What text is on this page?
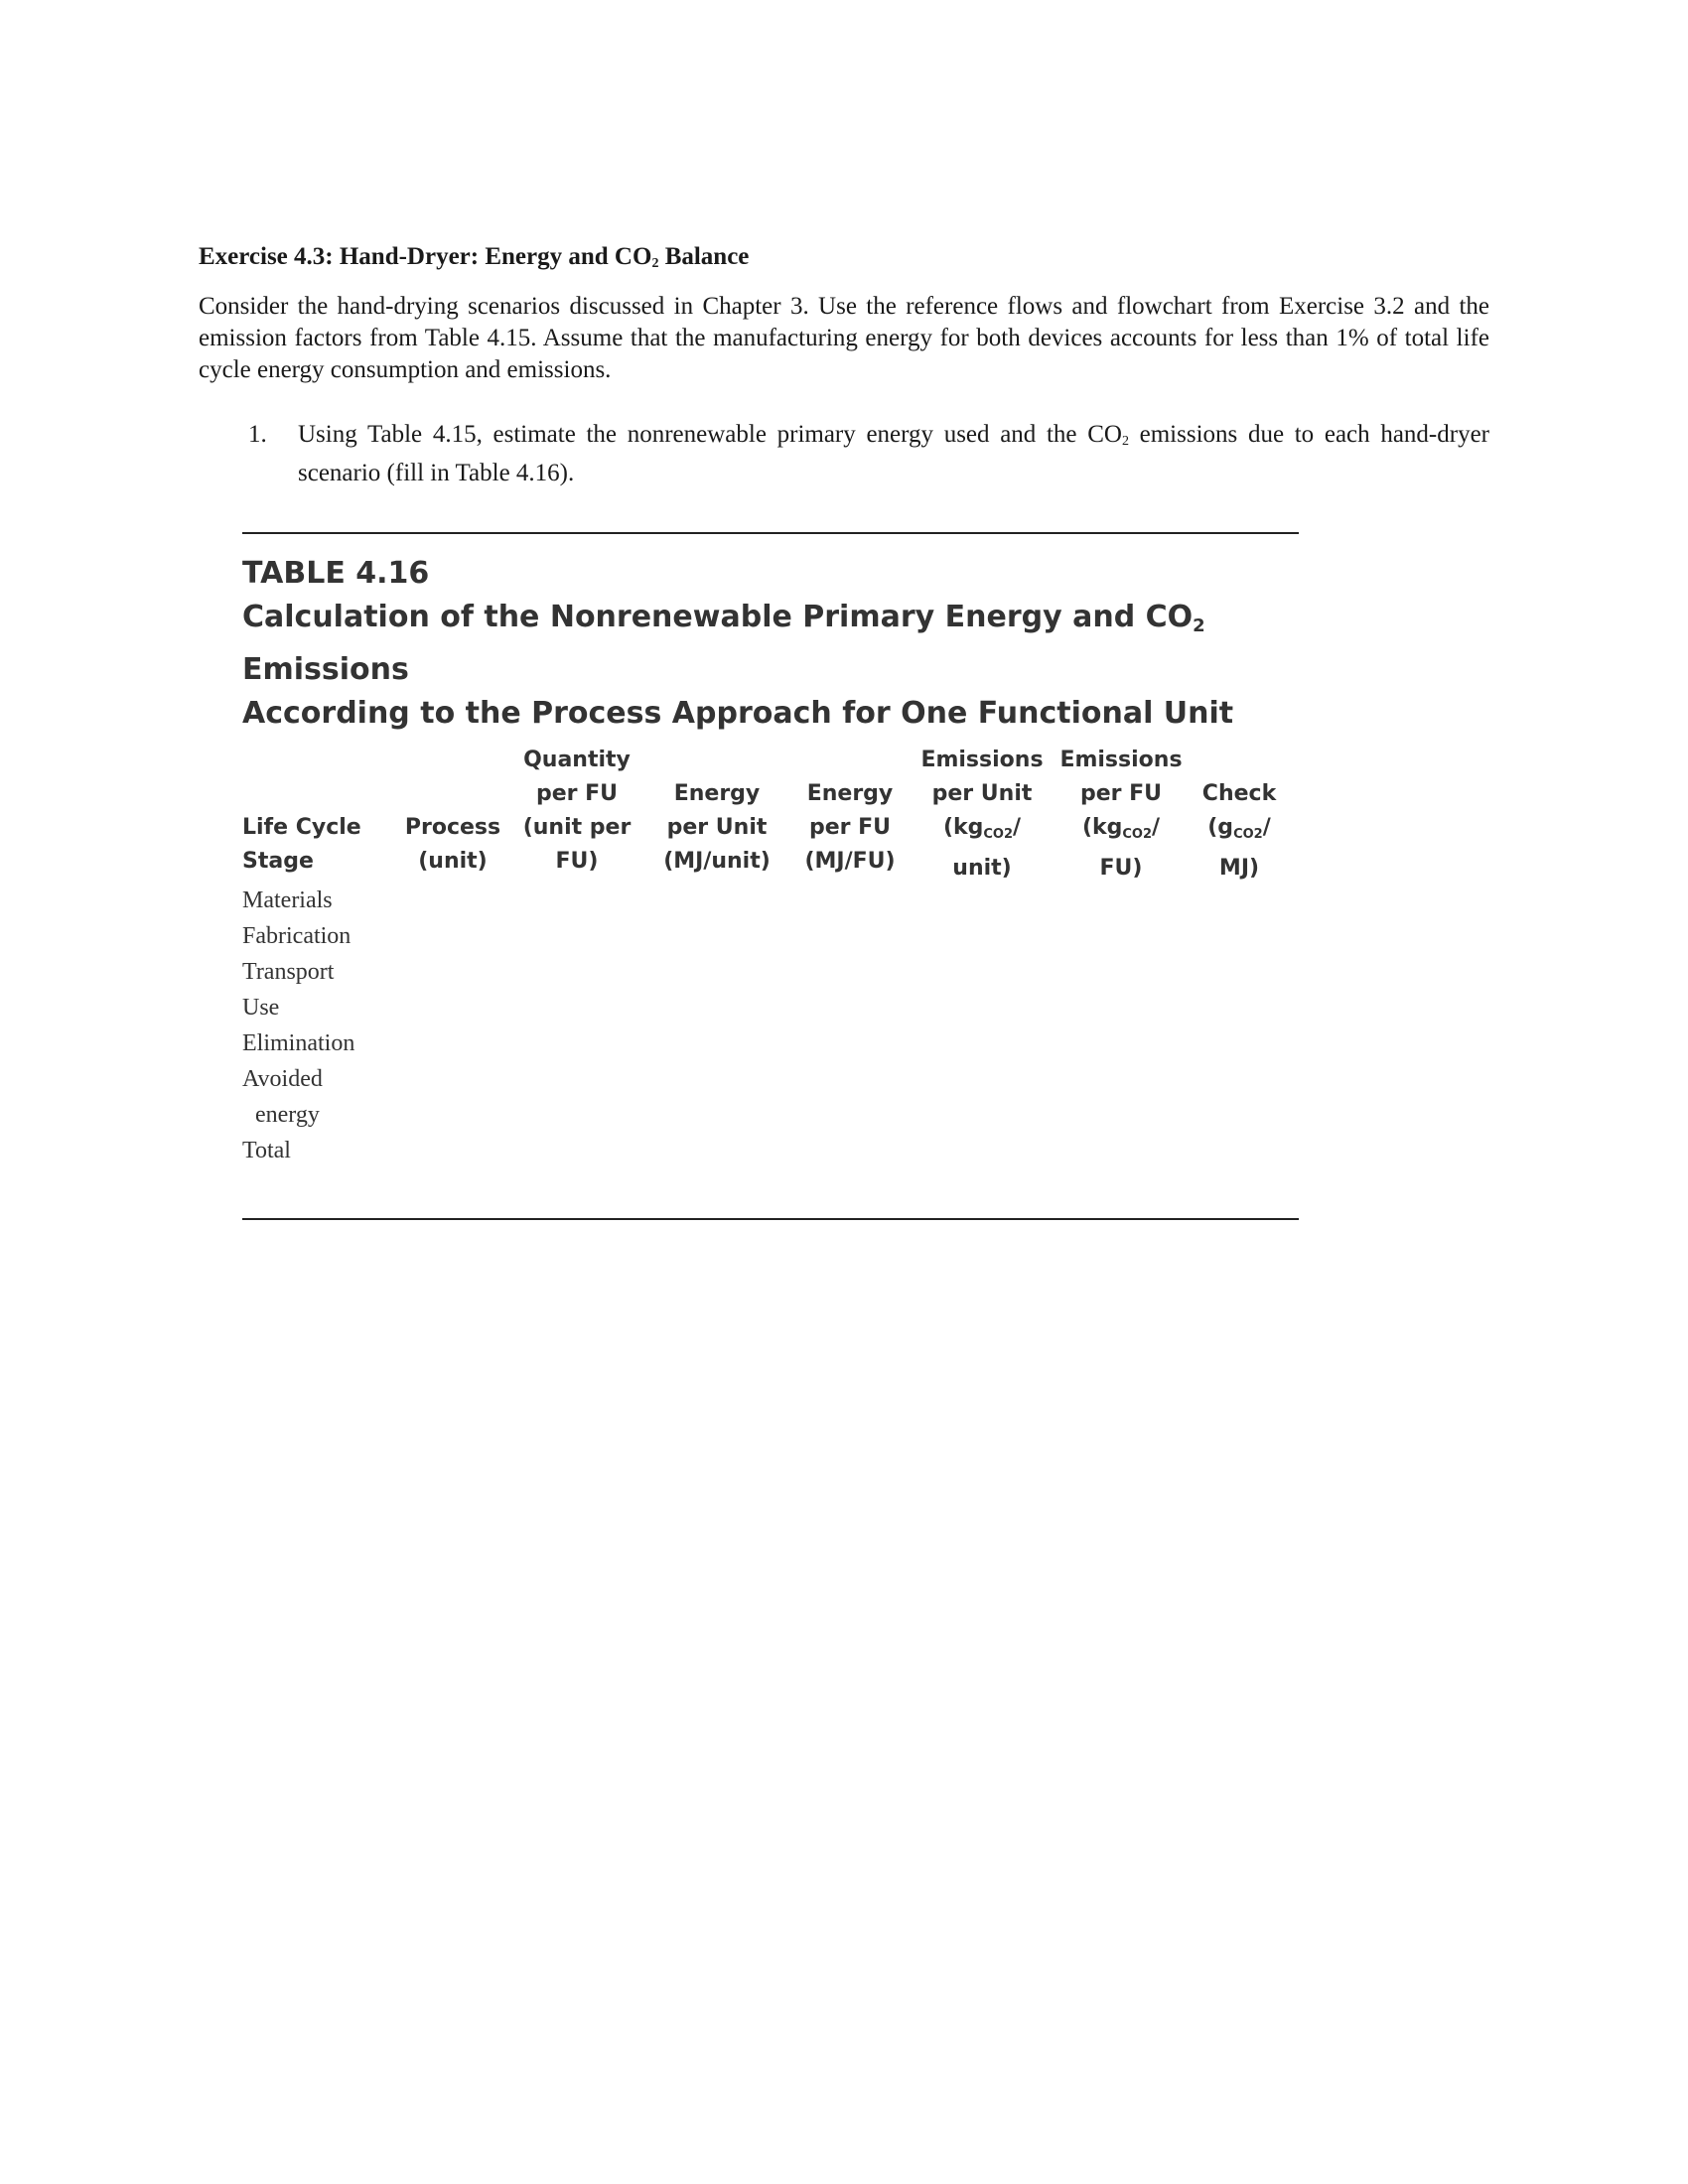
Exercise 4.3: Hand-Dryer: Energy and $CO_2$ Balance

Consider the hand-drying scenarios discussed in Chapter 3. Use the reference flows and flowchart from Exercise 3.2 and the emission factors from Table 4.15. Assume that the manufacturing energy for both devices accounts for less than 1% of total life cycle energy consumption and emissions.

1. Using Table 4.15, estimate the nonrenewable primary energy used and the $CO_2$ emissions due to each hand-dryer scenario (fill in Table 4.16).
TABLE 4.16
Calculation of the Nonrenewable Primary Energy and $CO_2$ Emissions
According to the Process Approach for One Functional Unit
Life Cycle
Stage
Process
(unit)
Quantity
per FU
(unit per
FU)
Energy
per Unit
(MJ/unit)
Energy
per FU
(MJ/FU)
Emissions
per Unit
($kg_{CO2}/$
unit)
Emissions
per FU
($kg_{CO2}/$
FU)
Check
($g_{CO2}/$
MJ)
Materials
Fabrication
Transport
Use
Elimination
Avoided
energy
Total
